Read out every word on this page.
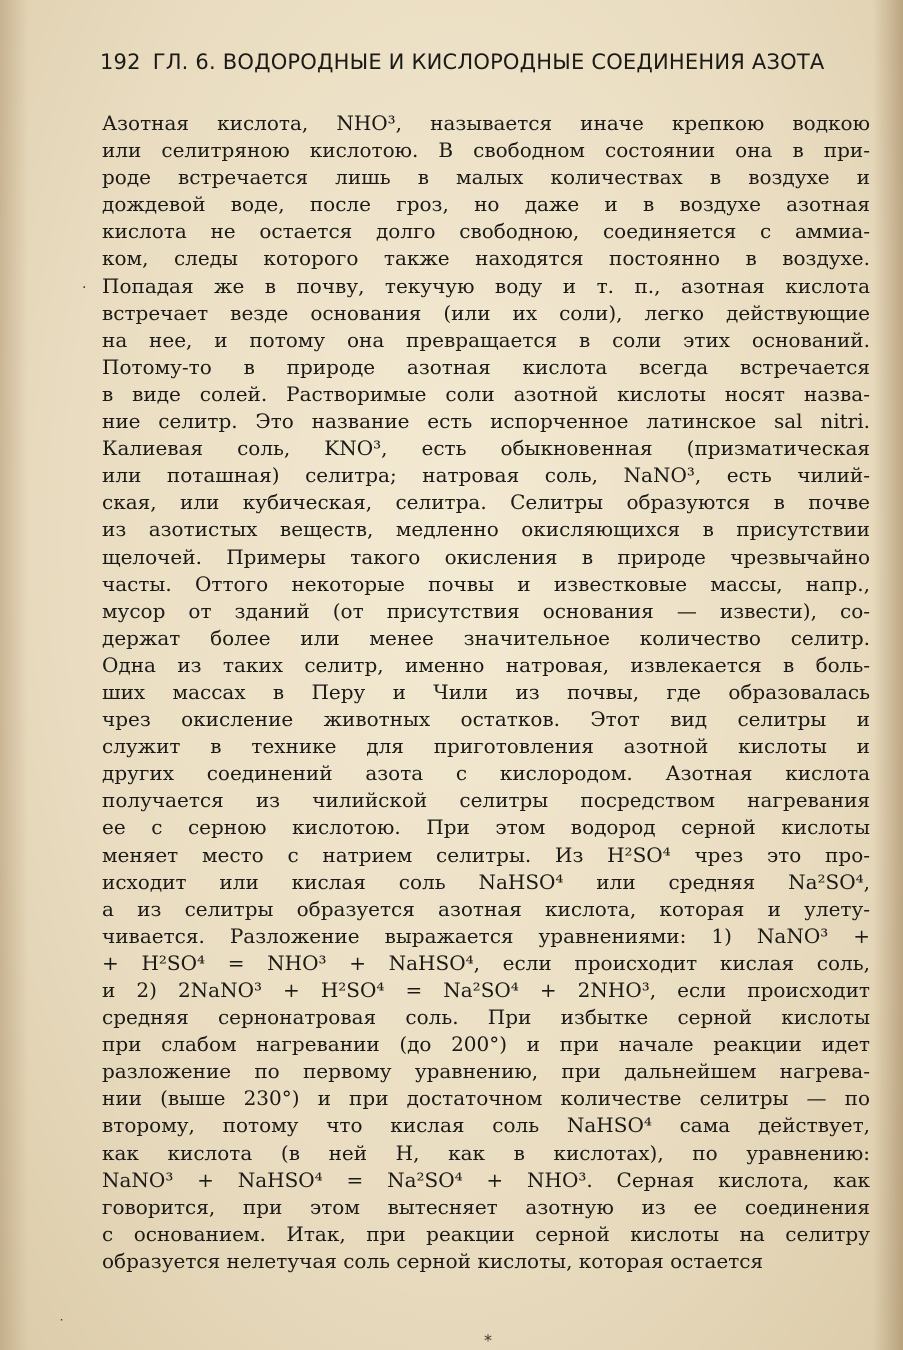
192 ГЛ. 6. ВОДОРОДНЫЕ И КИСЛОРОДНЫЕ СОЕДИНЕНИЯ АЗОТА
Азотная кислота, NHO³, называется иначе крепкою водкою
или селитряною кислотою. В свободном состоянии она в при-
роде встречается лишь в малых количествах в воздухе и
дождевой воде, после гроз, но даже и в воздухе азотная
кислота не остается долго свободною, соединяется с аммиа-
ком, следы которого также находятся постоянно в воздухе.
Попадая же в почву, текучую воду и т. п., азотная кислота
встречает везде основания (или их соли), легко действующие
на нее, и потому она превращается в соли этих оснований.
Потому-то в природе азотная кислота всегда встречается
в виде солей. Растворимые соли азотной кислоты носят назва-
ние селитр. Это название есть испорченное латинское sal nitri.
Калиевая соль, KNO³, есть обыкновенная (призматическая
или поташная) селитра; натровая соль, NaNO³, есть чилий-
ская, или кубическая, селитра. Селитры образуются в почве
из азотистых веществ, медленно окисляющихся в присутствии
щелочей. Примеры такого окисления в природе чрезвычайно
часты. Оттого некоторые почвы и известковые массы, напр.,
мусор от зданий (от присутствия основания — извести), со-
держат более или менее значительное количество селитр.
Одна из таких селитр, именно натровая, извлекается в боль-
ших массах в Перу и Чили из почвы, где образовалась
чрез окисление животных остатков. Этот вид селитры и
служит в технике для приготовления азотной кислоты и
других соединений азота с кислородом. Азотная кислота
получается из чилийской селитры посредством нагревания
ее с серною кислотою. При этом водород серной кислоты
меняет место с натрием селитры. Из H²SO⁴ чрез это про-
исходит или кислая соль NaHSO⁴ или средняя Na²SO⁴,
а из селитры образуется азотная кислота, которая и улету-
чивается. Разложение выражается уравнениями: 1) NaNO³ +
+ H²SO⁴ = NHO³ + NaHSO⁴, если происходит кислая соль,
и 2) 2NaNO³ + H²SO⁴ = Na²SO⁴ + 2NHO³, если происходит
средняя сернонатровая соль. При избытке серной кислоты
при слабом нагревании (до 200°) и при начале реакции идет
разложение по первому уравнению, при дальнейшем нагрева-
нии (выше 230°) и при достаточном количестве селитры — по
второму, потому что кислая соль NaHSO⁴ сама действует,
как кислота (в ней H, как в кислотах), по уравнению:
NaNO³ + NaHSO⁴ = Na²SO⁴ + NHO³. Серная кислота, как
говорится, при этом вытесняет азотную из ее соединения
с основанием. Итак, при реакции серной кислоты на селитру
образуется нелетучая соль серной кислоты, которая остается
·
˙	⁎
